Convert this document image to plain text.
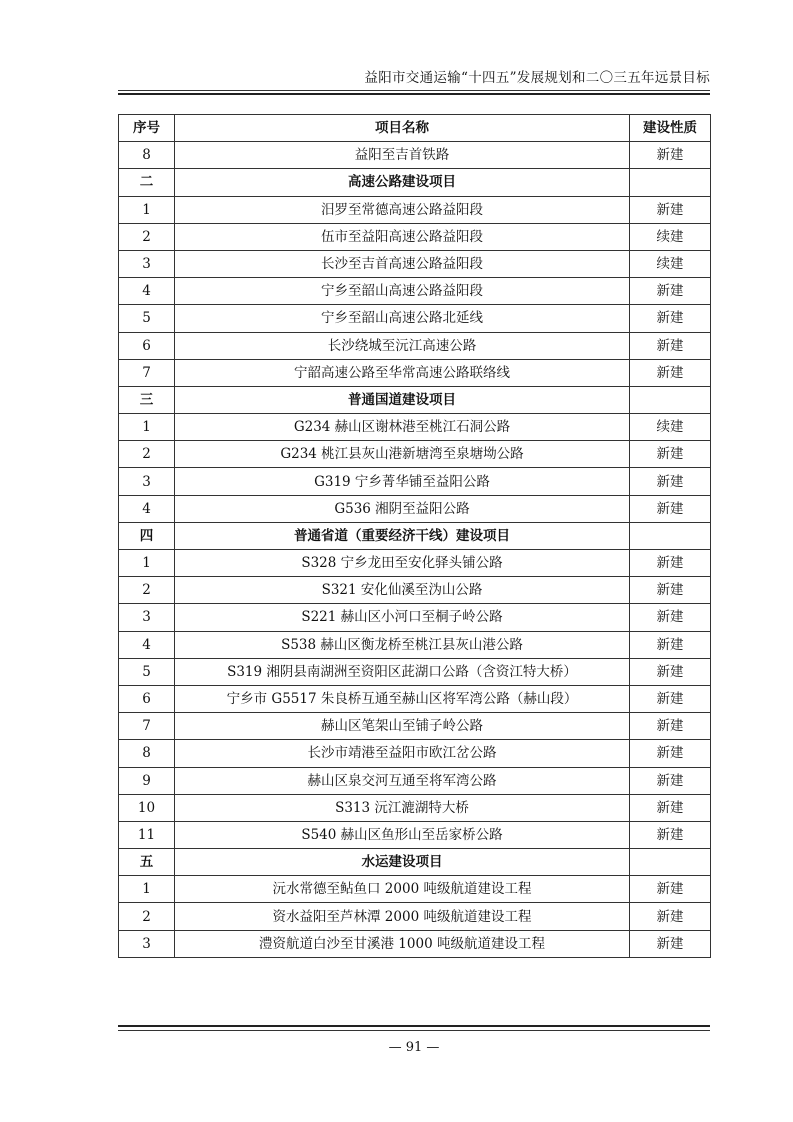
益阳市交通运输“十四五”发展规划和二〇三五年远景目标
序号	项目名称	建设性质
8	益阳至吉首铁路	新建
二	高速公路建设项目	
1	汨罗至常德高速公路益阳段	新建
2	伍市至益阳高速公路益阳段	续建
3	长沙至吉首高速公路益阳段	续建
4	宁乡至韶山高速公路益阳段	新建
5	宁乡至韶山高速公路北延线	新建
6	长沙绕城至沅江高速公路	新建
7	宁韶高速公路至华常高速公路联络线	新建
三	普通国道建设项目	
1	G234 赫山区谢林港至桃江石洞公路	续建
2	G234 桃江县灰山港新塘湾至泉塘坳公路	新建
3	G319 宁乡菁华铺至益阳公路	新建
4	G536 湘阴至益阳公路	新建
四	普通省道（重要经济干线）建设项目	
1	S328 宁乡龙田至安化驿头铺公路	新建
2	S321 安化仙溪至沩山公路	新建
3	S221 赫山区小河口至桐子岭公路	新建
4	S538 赫山区衡龙桥至桃江县灰山港公路	新建
5	S319 湘阴县南湖洲至资阳区茈湖口公路（含资江特大桥）	新建
6	宁乡市 G5517 朱良桥互通至赫山区将军湾公路（赫山段）	新建
7	赫山区笔架山至铺子岭公路	新建
8	长沙市靖港至益阳市欧江岔公路	新建
9	赫山区泉交河互通至将军湾公路	新建
10	S313 沅江漉湖特大桥	新建
11	S540 赫山区鱼形山至岳家桥公路	新建
五	水运建设项目	
1	沅水常德至鲇鱼口 2000 吨级航道建设工程	新建
2	资水益阳至芦林潭 2000 吨级航道建设工程	新建
3	澧资航道白沙至甘溪港 1000 吨级航道建设工程	新建
— 91 —
